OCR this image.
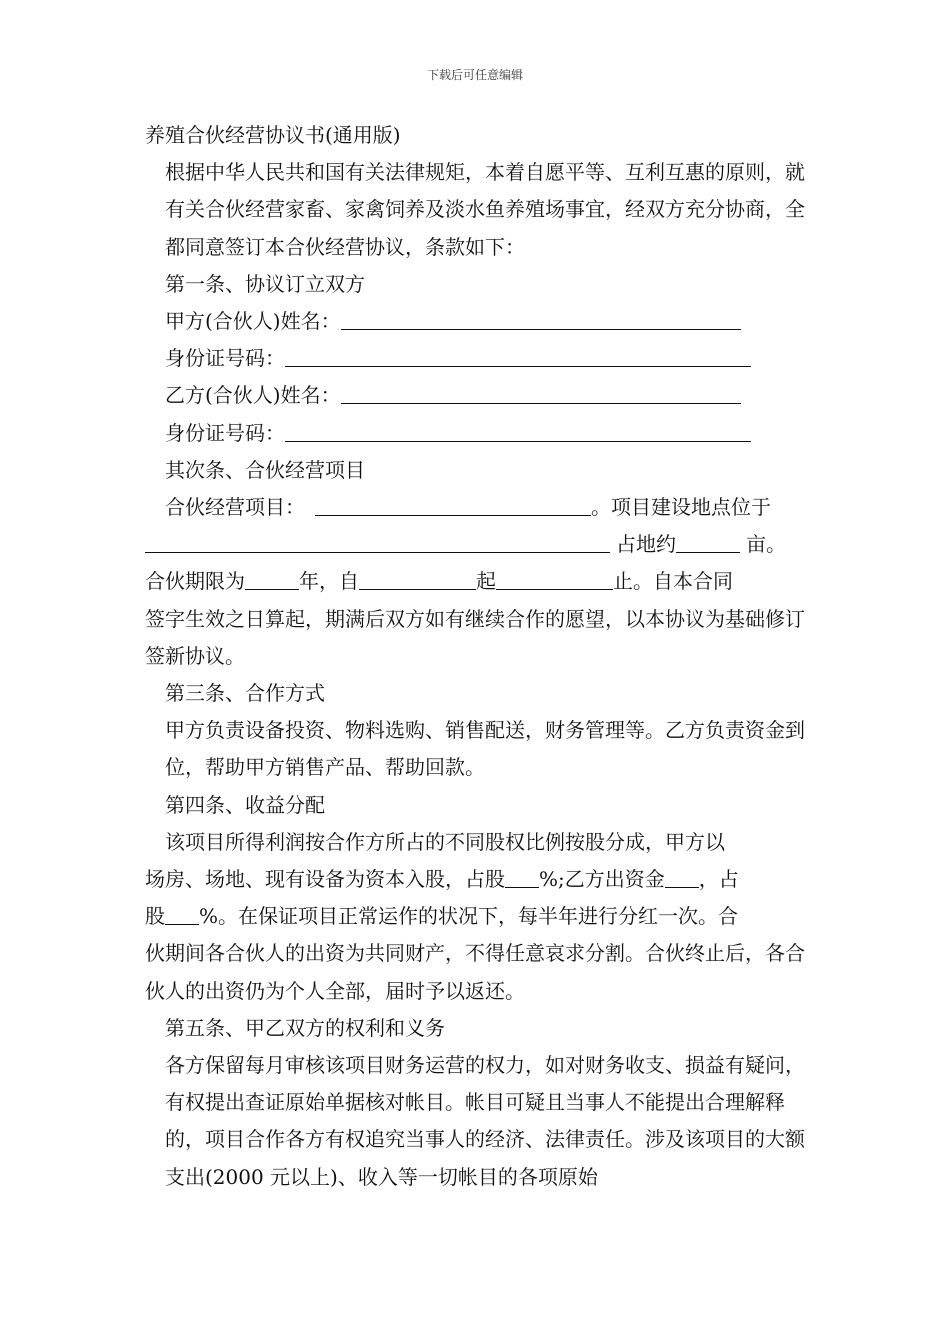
下载后可任意编辑

养殖合伙经营协议书(通用版)

根据中华人民共和国有关法律规矩，本着自愿平等、互利互惠的原则，就有关合伙经营家畜、家禽饲养及淡水鱼养殖场事宜，经双方充分协商，全都同意签订本合伙经营协议，条款如下：

第一条、协议订立双方

甲方(合伙人)姓名：

身份证号码：

乙方(合伙人)姓名：

身份证号码：

其次条、合伙经营项目

合伙经营项目：	。项目建设地点位于

占地约	亩。

合伙期限为	年，自	起	止。自本合同

签字生效之日算起，期满后双方如有继续合作的愿望，以本协议为基础修订签新协议。

第三条、合作方式

甲方负责设备投资、物料选购、销售配送，财务管理等。乙方负责资金到位，帮助甲方销售产品、帮助回款。

第四条、收益分配

该项目所得利润按合作方所占的不同股权比例按股分成，甲方以

场房、场地、现有设备为资本入股，占股 %;乙方出资金 ，占

股 %。在保证项目正常运作的状况下，每半年进行分红一次。合

伙期间各合伙人的出资为共同财产，不得任意哀求分割。合伙终止后，各合伙人的出资仍为个人全部，届时予以返还。

第五条、甲乙双方的权利和义务

各方保留每月审核该项目财务运营的权力，如对财务收支、损益有疑问，有权提出查证原始单据核对帐目。帐目可疑且当事人不能提出合理解释的，项目合作各方有权追究当事人的经济、法律责任。涉及该项目的大额支出(2000 元以上)、收入等一切帐目的各项原始
